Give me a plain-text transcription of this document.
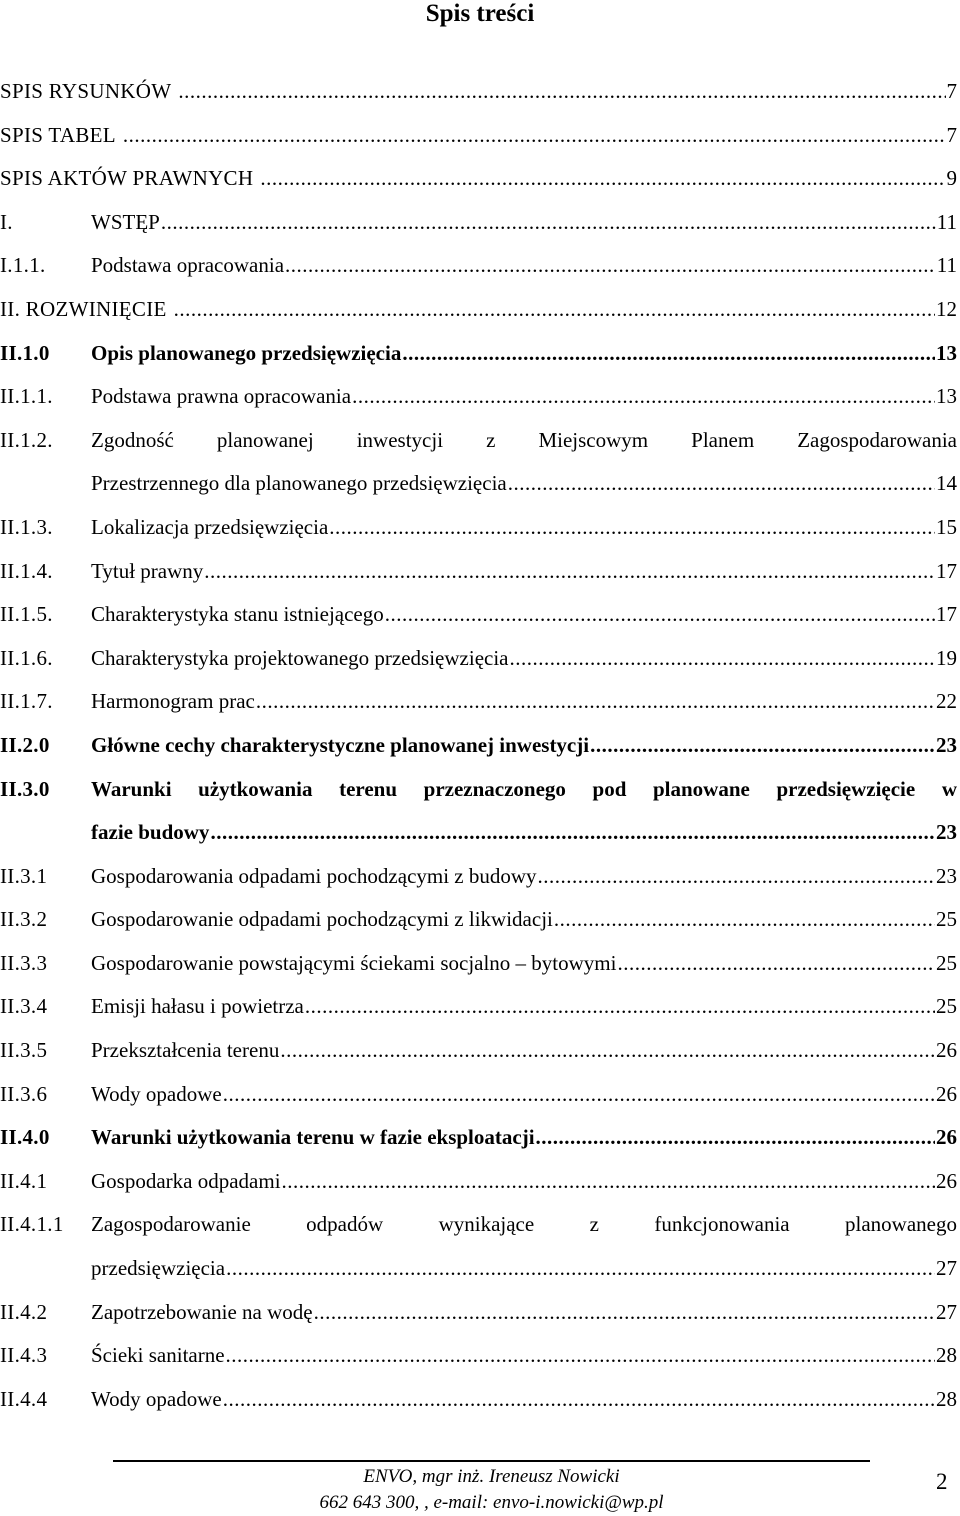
Spis treści
SPIS RYSUNKÓW .....	7
SPIS TABEL .....	7
SPIS AKTÓW PRAWNYCH .....	9
I.	WSTĘP .....	11
I.1.1.	Podstawa opracowania .....	11
II. ROZWINIĘCIE .....	12
II.1.0	Opis planowanego przedsięwzięcia .....	13
II.1.1.	Podstawa prawna opracowania .....	13
II.1.2.	Zgodność planowanej inwestycji z Miejscowym Planem Zagospodarowania
Przestrzennego dla planowanego przedsięwzięcia .....	14
II.1.3.	Lokalizacja przedsięwzięcia .....	15
II.1.4.	Tytuł prawny .....	17
II.1.5.	Charakterystyka stanu istniejącego .....	17
II.1.6.	Charakterystyka projektowanego przedsięwzięcia .....	19
II.1.7.	Harmonogram prac .....	22
II.2.0	Główne cechy charakterystyczne planowanej inwestycji .....	23
II.3.0	Warunki użytkowania terenu przeznaczonego pod planowane przedsięwzięcie w
fazie budowy .....	23
II.3.1	Gospodarowania odpadami pochodzącymi z budowy .....	23
II.3.2	Gospodarowanie odpadami pochodzącymi z likwidacji .....	25
II.3.3	Gospodarowanie powstającymi ściekami socjalno – bytowymi .....	25
II.3.4	Emisji hałasu i powietrza .....	25
II.3.5	Przekształcenia terenu .....	26
II.3.6	Wody opadowe .....	26
II.4.0	Warunki użytkowania terenu w fazie eksploatacji .....	26
II.4.1	Gospodarka odpadami .....	26
II.4.1.1	Zagospodarowanie odpadów wynikające z funkcjonowania planowanego
przedsięwzięcia .....	27
II.4.2	Zapotrzebowanie na wodę .....	27
II.4.3	Ścieki sanitarne .....	28
II.4.4	Wody opadowe .....	28
ENVO, mgr inż. Ireneusz Nowicki
662 643 300, , e-mail: envo-i.nowicki@wp.pl
2
